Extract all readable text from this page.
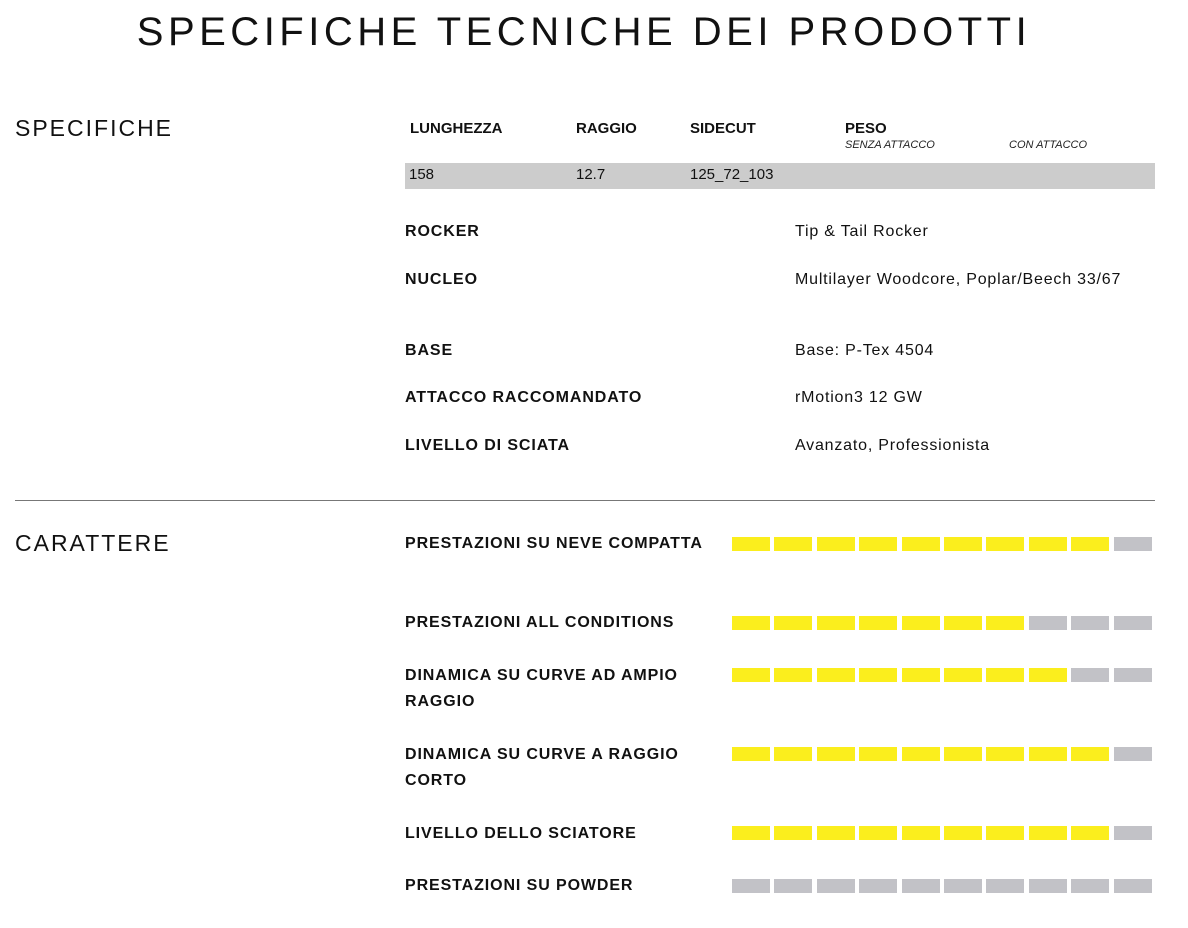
SPECIFICHE TECNICHE DEI PRODOTTI
SPECIFICHE	LUNGHEZZA	RAGGIO	SIDECUT	PESO
SENZA ATTACCO	CON ATTACCO
158	12.7	125_72_103
ROCKER	Tip & Tail Rocker
NUCLEO	Multilayer Woodcore, Poplar/Beech 33/67
BASE	Base: P-Tex 4504
ATTACCO RACCOMANDATO	rMotion3 12 GW
LIVELLO DI SCIATA	Avanzato, Professionista
CARATTERE	PRESTAZIONI SU NEVE COMPATTA
PRESTAZIONI ALL CONDITIONS
DINAMICA SU CURVE AD AMPIO RAGGIO
DINAMICA SU CURVE A RAGGIO CORTO
LIVELLO DELLO SCIATORE
PRESTAZIONI SU POWDER
